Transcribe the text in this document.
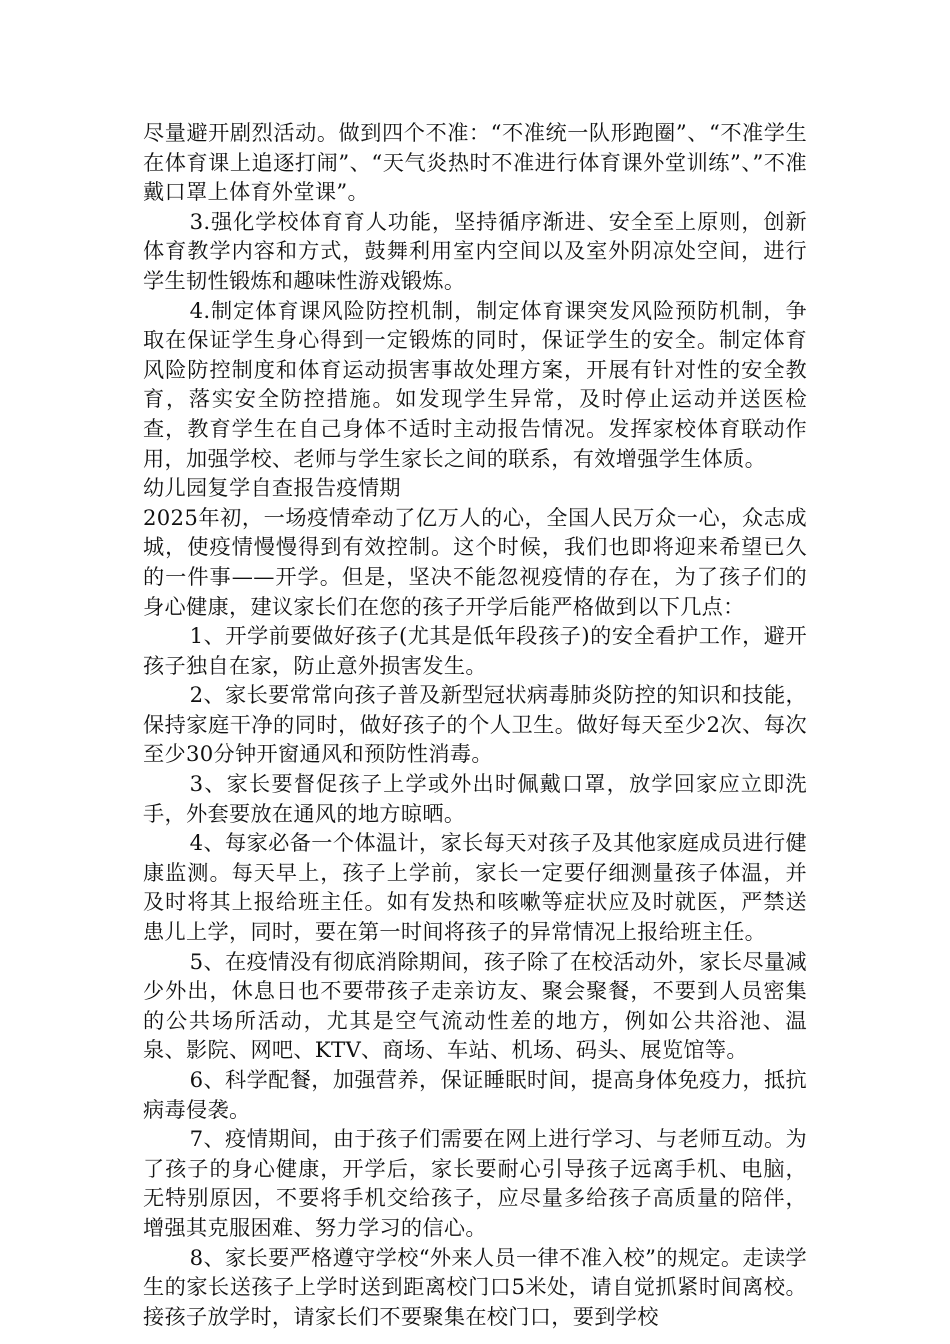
尽量避开剧烈活动。做到四个不准：“不准统一队形跑圈”、“不准学生在体育课上追逐打闹”、“天气炎热时不准进行体育课外堂训练”、”不准戴口罩上体育外堂课”。

3.强化学校体育育人功能，坚持循序渐进、安全至上原则，创新体育教学内容和方式，鼓舞利用室内空间以及室外阴凉处空间，进行学生韧性锻炼和趣味性游戏锻炼。

4.制定体育课风险防控机制，制定体育课突发风险预防机制，争取在保证学生身心得到一定锻炼的同时，保证学生的安全。制定体育风险防控制度和体育运动损害事故处理方案，开展有针对性的安全教育，落实安全防控措施。如发现学生异常，及时停止运动并送医检查，教育学生在自己身体不适时主动报告情况。发挥家校体育联动作用，加强学校、老师与学生家长之间的联系，有效增强学生体质。

幼儿园复学自查报告疫情期

2025年初，一场疫情牵动了亿万人的心，全国人民万众一心，众志成城，使疫情慢慢得到有效控制。这个时候，我们也即将迎来希望已久的一件事——开学。但是，坚决不能忽视疫情的存在，为了孩子们的身心健康，建议家长们在您的孩子开学后能严格做到以下几点：

1、开学前要做好孩子(尤其是低年段孩子)的安全看护工作，避开孩子独自在家，防止意外损害发生。

2、家长要常常向孩子普及新型冠状病毒肺炎防控的知识和技能，保持家庭干净的同时，做好孩子的个人卫生。做好每天至少2次、每次至少30分钟开窗通风和预防性消毒。

3、家长要督促孩子上学或外出时佩戴口罩，放学回家应立即洗手，外套要放在通风的地方晾晒。

4、每家必备一个体温计，家长每天对孩子及其他家庭成员进行健康监测。每天早上，孩子上学前，家长一定要仔细测量孩子体温，并及时将其上报给班主任。如有发热和咳嗽等症状应及时就医，严禁送患儿上学，同时，要在第一时间将孩子的异常情况上报给班主任。

5、在疫情没有彻底消除期间，孩子除了在校活动外，家长尽量减少外出，休息日也不要带孩子走亲访友、聚会聚餐，不要到人员密集的公共场所活动，尤其是空气流动性差的地方，例如公共浴池、温泉、影院、网吧、KTV、商场、车站、机场、码头、展览馆等。

6、科学配餐，加强营养，保证睡眠时间，提高身体免疫力，抵抗病毒侵袭。

7、疫情期间，由于孩子们需要在网上进行学习、与老师互动。为了孩子的身心健康，开学后，家长要耐心引导孩子远离手机、电脑，无特别原因，不要将手机交给孩子，应尽量多给孩子高质量的陪伴，增强其克服困难、努力学习的信心。

8、家长要严格遵守学校“外来人员一律不准入校”的规定。走读学生的家长送孩子上学时送到距离校门口5米处，请自觉抓紧时间离校。接孩子放学时，请家长们不要聚集在校门口，要到学校
